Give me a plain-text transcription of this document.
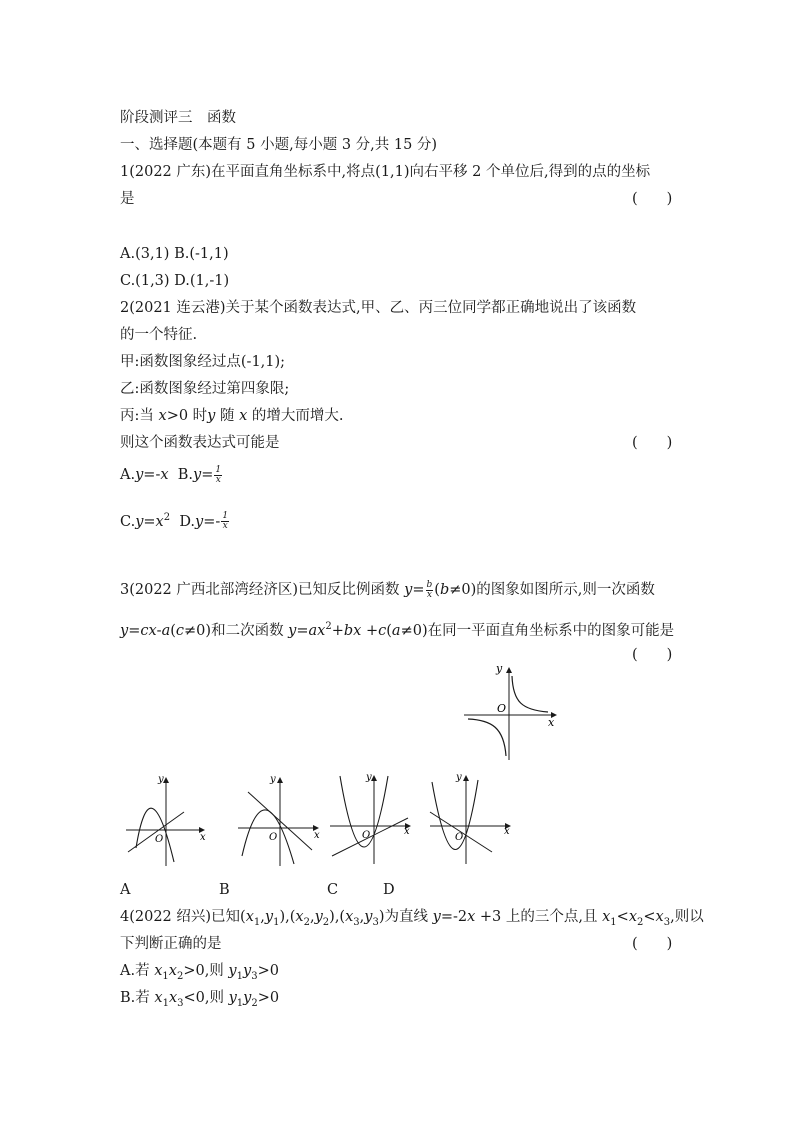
阶段测评三　函数
一、选择题(本题有 5 小题,每小题 3 分,共 15 分)
1(2022 广东)在平面直角坐标系中,将点(1,1)向右平移 2 个单位后,得到的点的坐标
是	(　　)
A.(3,1) B.(-1,1)
C.(1,3) D.(1,-1)
2(2021 连云港)关于某个函数表达式,甲、乙、丙三位同学都正确地说出了该函数
的一个特征.
甲:函数图象经过点(-1,1);
乙:函数图象经过第四象限;
丙:当 x>0 时y 随 x 的增大而增大.
则这个函数表达式可能是	(　　)
A.y=-x $B.y= \frac{1}{x}$
$C.y=x^2$ $D.y=- \frac{1}{x}$
3(2022 广西北部湾经济区)已知反比例函数 $y= \frac{b}{x} (b\ne 0)$的图象如图所示,则一次函数
y=cx-a(c≠0)和二次函数 $y=ax^2+bx +c(a\ne 0)$在同一平面直角坐标系中的图象可能是
(　　)
y
x
O
y
x
O
y
x
O
y
x
O
y
x
O
A	B	C	D
4(2022 绍兴)已知$(x_1,y_1),(x_2,y_2),(x_3,y_3)$为直线 y=-2x +3 上的三个点,且 $x_1<x_2<x_3$,则以
下判断正确的是	(　　)
A.若 $x_1x_2>0$,则 $y_1y_3>0$
B.若 $x_1x_3<0$,则 $y_1y_2>0$
